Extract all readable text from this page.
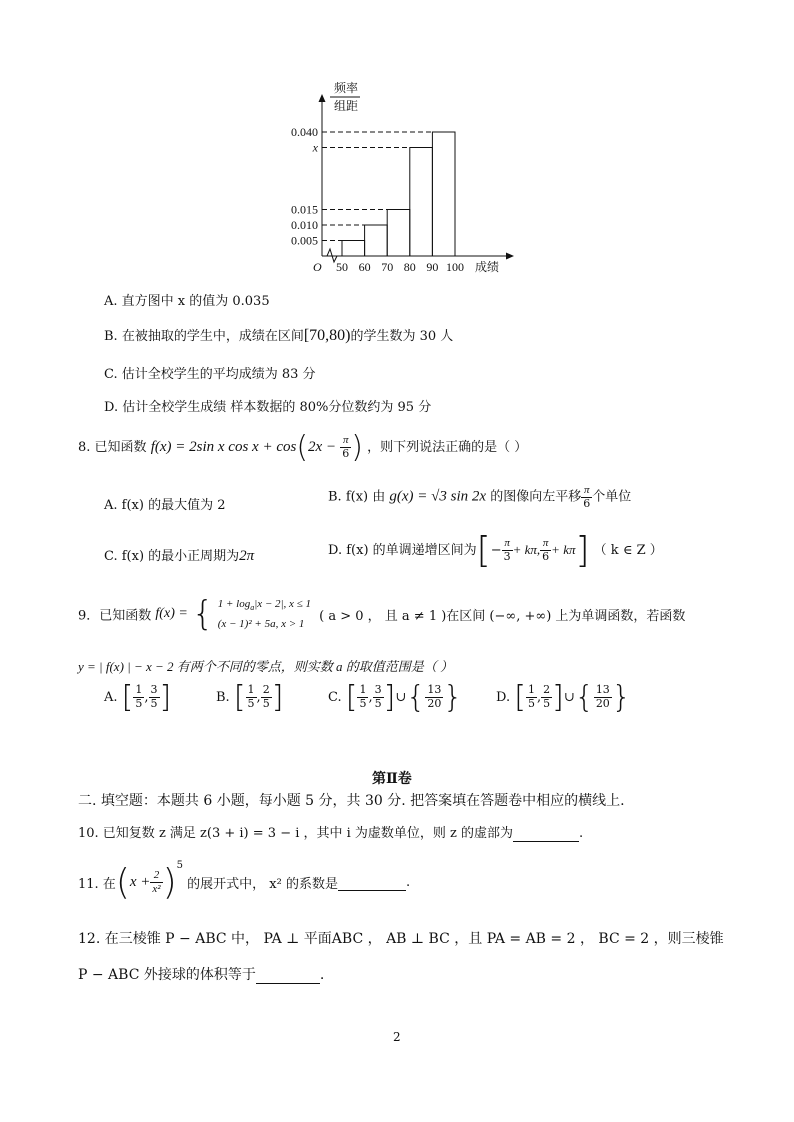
频率
组距
O	成绩
0.005
0.010
0.015
x
0.040
50 60 70 80 90 100
A. 直方图中 x 的值为 0.035
B. 在被抽取的学生中，成绩在区间[70,80)的学生数为 30 人
C. 估计全校学生的平均成绩为 83 分
D. 估计全校学生成绩 样本数据的 80%分位数约为 95 分
8. 已知函数 f(x) = 2sin x $\cos x + \cos(2x - \frac{\pi}{6}$ ) ，则下列说法正确的是（ ）
A. f(x) 的最大值为 2
B. f(x) 由 g(x) = √3 sin 2x 的图像向左平移 $\frac{\pi}{6}$ 个单位
C. f(x) 的最小正周期为2π	D. f(x) 的单调递增区间为[− $\frac{\pi}{3} + k\pi$, $\frac{\pi}{6} + k\pi$] （ k ∈ Z ）
9．已知函数 f(x) = { $1 + \log_a|x - 2|$, x ≤ 1
(x − 1)² + 5a, x > 1
( a > 0 ， 且 a ≠ 1 )在区间 (−∞, +∞) 上为单调函数，若函数
y = | f(x) | − x − 2 有两个不同的零点，则实数 a 的取值范围是（ ）
A. [ $\frac{1}{5}$ , $\frac{3}{5}$ ]	B. [ $\frac{1}{5}$ , $\frac{2}{5}$ ]	C. [ $\frac{1}{5}$ , $\frac{3}{5}$ ]∪{ $\frac{13}{20}$ }	D. [ $\frac{1}{5}$ , $\frac{2}{5}$ ]∪{ $\frac{13}{20}$ }
第Ⅱ卷
二. 填空题：本题共 6 小题，每小题 5 分，共 30 分. 把答案填在答题卷中相应的横线上.
10. 已知复数 z 满足 z(3 + i) = 3 − i ，其中 i 为虚数单位，则 z 的虚部为	.
11. 在$(x + \frac{2}{\text{x²}} )^5$ 的展开式中， x² 的系数是	.
12. 在三棱锥 P − ABC 中， PA ⊥ 平面ABC ， AB ⊥ BC ，且 PA = AB = 2 ， BC = 2 ，则三棱锥
P − ABC 外接球的体积等于	.
2
